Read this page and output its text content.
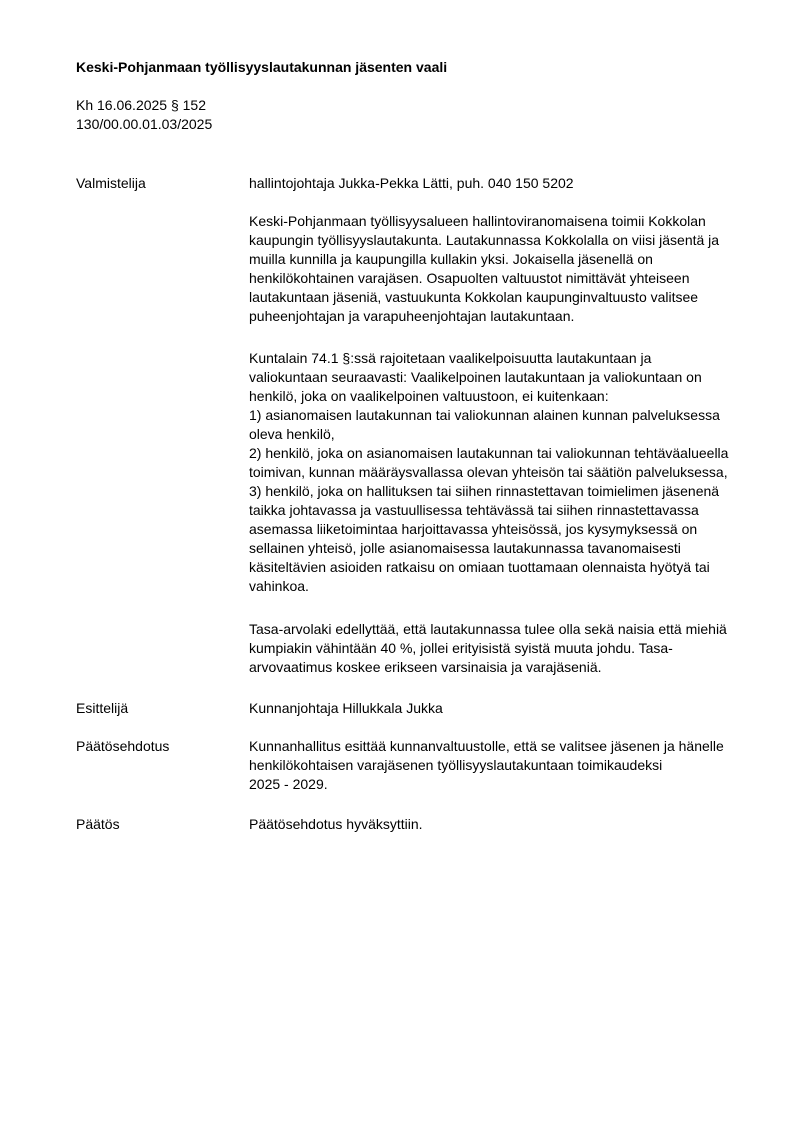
Keski-Pohjanmaan työllisyyslautakunnan jäsenten vaali
Kh 16.06.2025 § 152
130/00.00.01.03/2025
Valmistelija	hallintojohtaja Jukka-Pekka Lätti, puh. 040 150 5202
Keski-Pohjanmaan työllisyysalueen hallintoviranomaisena toimii Kokkolan
kaupungin työllisyyslautakunta. Lautakunnassa Kokkolalla on viisi jäsentä ja
muilla kunnilla ja kaupungilla kullakin yksi. Jokaisella jäsenellä on
henkilökohtainen varajäsen. Osapuolten valtuustot nimittävät yhteiseen
lautakuntaan jäseniä, vastuukunta Kokkolan kaupunginvaltuusto valitsee
puheenjohtajan ja varapuheenjohtajan lautakuntaan.
Kuntalain 74.1 §:ssä rajoitetaan vaalikelpoisuutta lautakuntaan ja
valiokuntaan seuraavasti: Vaalikelpoinen lautakuntaan ja valiokuntaan on
henkilö, joka on vaalikelpoinen valtuustoon, ei kuitenkaan:
1) asianomaisen lautakunnan tai valiokunnan alainen kunnan palveluksessa
oleva henkilö,
2) henkilö, joka on asianomaisen lautakunnan tai valiokunnan tehtäväalueella
toimivan, kunnan määräysvallassa olevan yhteisön tai säätiön palveluksessa,
3) henkilö, joka on hallituksen tai siihen rinnastettavan toimielimen jäsenenä
taikka johtavassa ja vastuullisessa tehtävässä tai siihen rinnastettavassa
asemassa liiketoimintaa harjoittavassa yhteisössä, jos kysymyksessä on
sellainen yhteisö, jolle asianomaisessa lautakunnassa tavanomaisesti
käsiteltävien asioiden ratkaisu on omiaan tuottamaan olennaista hyötyä tai
vahinkoa.
Tasa-arvolaki edellyttää, että lautakunnassa tulee olla sekä naisia että miehiä
kumpiakin vähintään 40 %, jollei erityisistä syistä muuta johdu. Tasa-
arvovaatimus koskee erikseen varsinaisia ja varajäseniä.
Esittelijä	Kunnanjohtaja Hillukkala Jukka
Päätösehdotus	Kunnanhallitus esittää kunnanvaltuustolle, että se valitsee jäsenen ja hänelle
henkilökohtaisen varajäsenen työllisyyslautakuntaan toimikaudeksi
2025 - 2029.
Päätös	Päätösehdotus hyväksyttiin.
